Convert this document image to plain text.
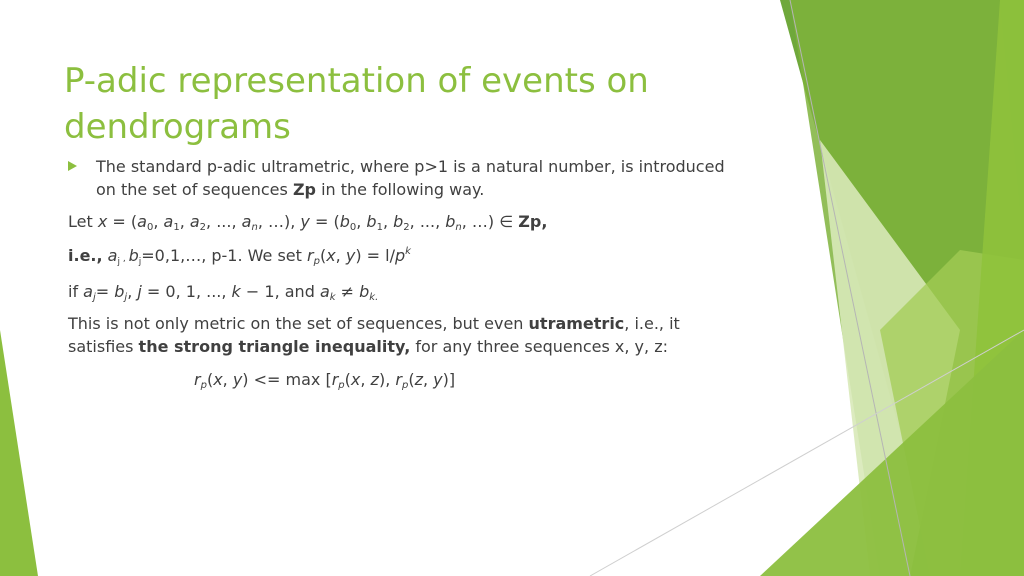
P-adic representation of events on dendrograms
The standard p-adic ultrametric, where p>1 is a natural number, is introduced on the set of sequences Zp in the following way.
Let $x = (a_0$, $a_1$, $a_2$, ..., $a_n$, …), $y = (b_0$, $b_1$, $b_2$, ..., $b_n$, …) ∈ Zp,
i.e., $a_j$ , $b_j=0,1,\dots$, p-1. We set $r_p(x$, $y) = l/p^k$
if $a_j= b_j$, j = 0, 1, ..., k − 1, and $a_k \ne b_{k.}$
This is not only metric on the set of sequences, but even utrametric, i.e., it satisfies the strong triangle inequality, for any three sequences x, y, z:
$r_p(x$, $y) <= \max [r_p(x$, z), $r_p(z$, y)]
